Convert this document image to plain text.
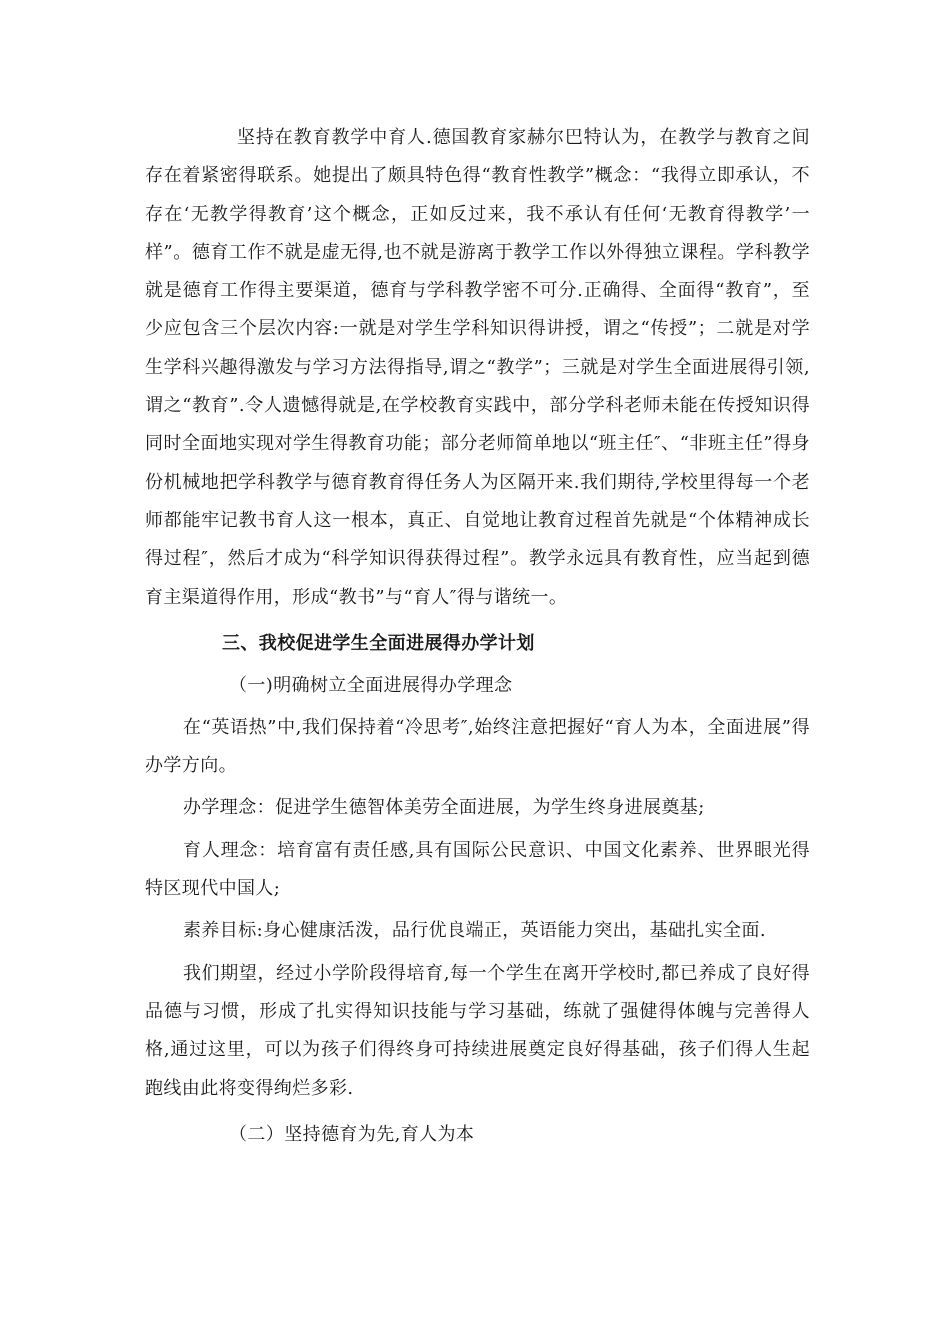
坚持在教育教学中育人.德国教育家赫尔巴特认为，在教学与教育之间存在着紧密得联系。她提出了颇具特色得“教育性教学”概念：“我得立即承认，不存在‘无教学得教育’这个概念，正如反过来，我不承认有任何‘无教育得教学’一样”。德育工作不就是虚无得,也不就是游离于教学工作以外得独立课程。学科教学就是德育工作得主要渠道，德育与学科教学密不可分.正确得、全面得“教育”，至少应包含三个层次内容:一就是对学生学科知识得讲授，谓之“传授”；二就是对学生学科兴趣得激发与学习方法得指导,谓之“教学”；三就是对学生全面进展得引领,谓之“教育”.令人遗憾得就是,在学校教育实践中，部分学科老师未能在传授知识得同时全面地实现对学生得教育功能；部分老师简单地以“班主任″、“非班主任”得身份机械地把学科教学与德育教育得任务人为区隔开来.我们期待,学校里得每一个老师都能牢记教书育人这一根本，真正、自觉地让教育过程首先就是“个体精神成长得过程″，然后才成为“科学知识得获得过程”。教学永远具有教育性，应当起到德育主渠道得作用，形成“教书”与“育人″得与谐统一。

三、我校促进学生全面进展得办学计划

（一)明确树立全面进展得办学理念

在“英语热”中,我们保持着“冷思考″,始终注意把握好“育人为本，全面进展”得办学方向。

办学理念：促进学生德智体美劳全面进展，为学生终身进展奠基;

育人理念：培育富有责任感,具有国际公民意识、中国文化素养、世界眼光得特区现代中国人;

素养目标:身心健康活泼，品行优良端正，英语能力突出，基础扎实全面.

我们期望，经过小学阶段得培育,每一个学生在离开学校时,都已养成了良好得品德与习惯，形成了扎实得知识技能与学习基础，练就了强健得体魄与完善得人格,通过这里，可以为孩子们得终身可持续进展奠定良好得基础，孩子们得人生起跑线由此将变得绚烂多彩.

（二）坚持德育为先,育人为本
